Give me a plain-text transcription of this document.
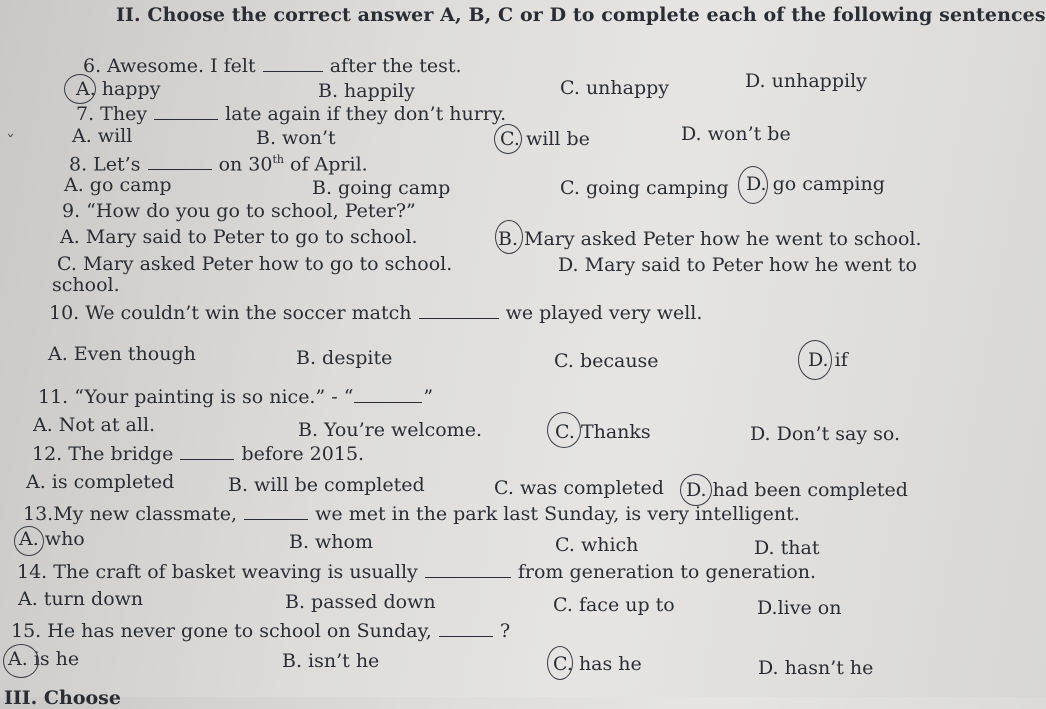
II. Choose the correct answer A, B, C or D to complete each of the following sentences
6. Awesome. I felt	after the test.
A. happy	B. happily	C. unhappy	D. unhappily
7. They	late again if they don’t hurry.
A. will	B. won’t	C. will be	D. won’t be
ˇ
8. Let’s	on 30th of April.
A. go camp	B. going camp	C. going camping D. go camping
9. “How do you go to school, Peter?”
A. Mary said to Peter to go to school.	B. Mary asked Peter how he went to school.
C. Mary asked Peter how to go to school.	D. Mary said to Peter how he went to
school.
10. We couldn’t win the soccer match	we played very well.
A. Even though	B. despite	C. because	D. if
11. “Your painting is so nice.” - “	”
A. Not at all.	B. You’re welcome.	C. Thanks	D. Don’t say so.
12. The bridge	before 2015.
A. is completed	B. will be completed	C. was completed D. had been completed
13.My new classmate,	we met in the park last Sunday, is very intelligent.
A. who	B. whom	C. which	D. that
14. The craft of basket weaving is usually	from generation to generation.
A. turn down	B. passed down	C. face up to	D.live on
15. He has never gone to school on Sunday,	?
A. is he	B. isn’t he	C. has he	D. hasn’t he
III. Choose
